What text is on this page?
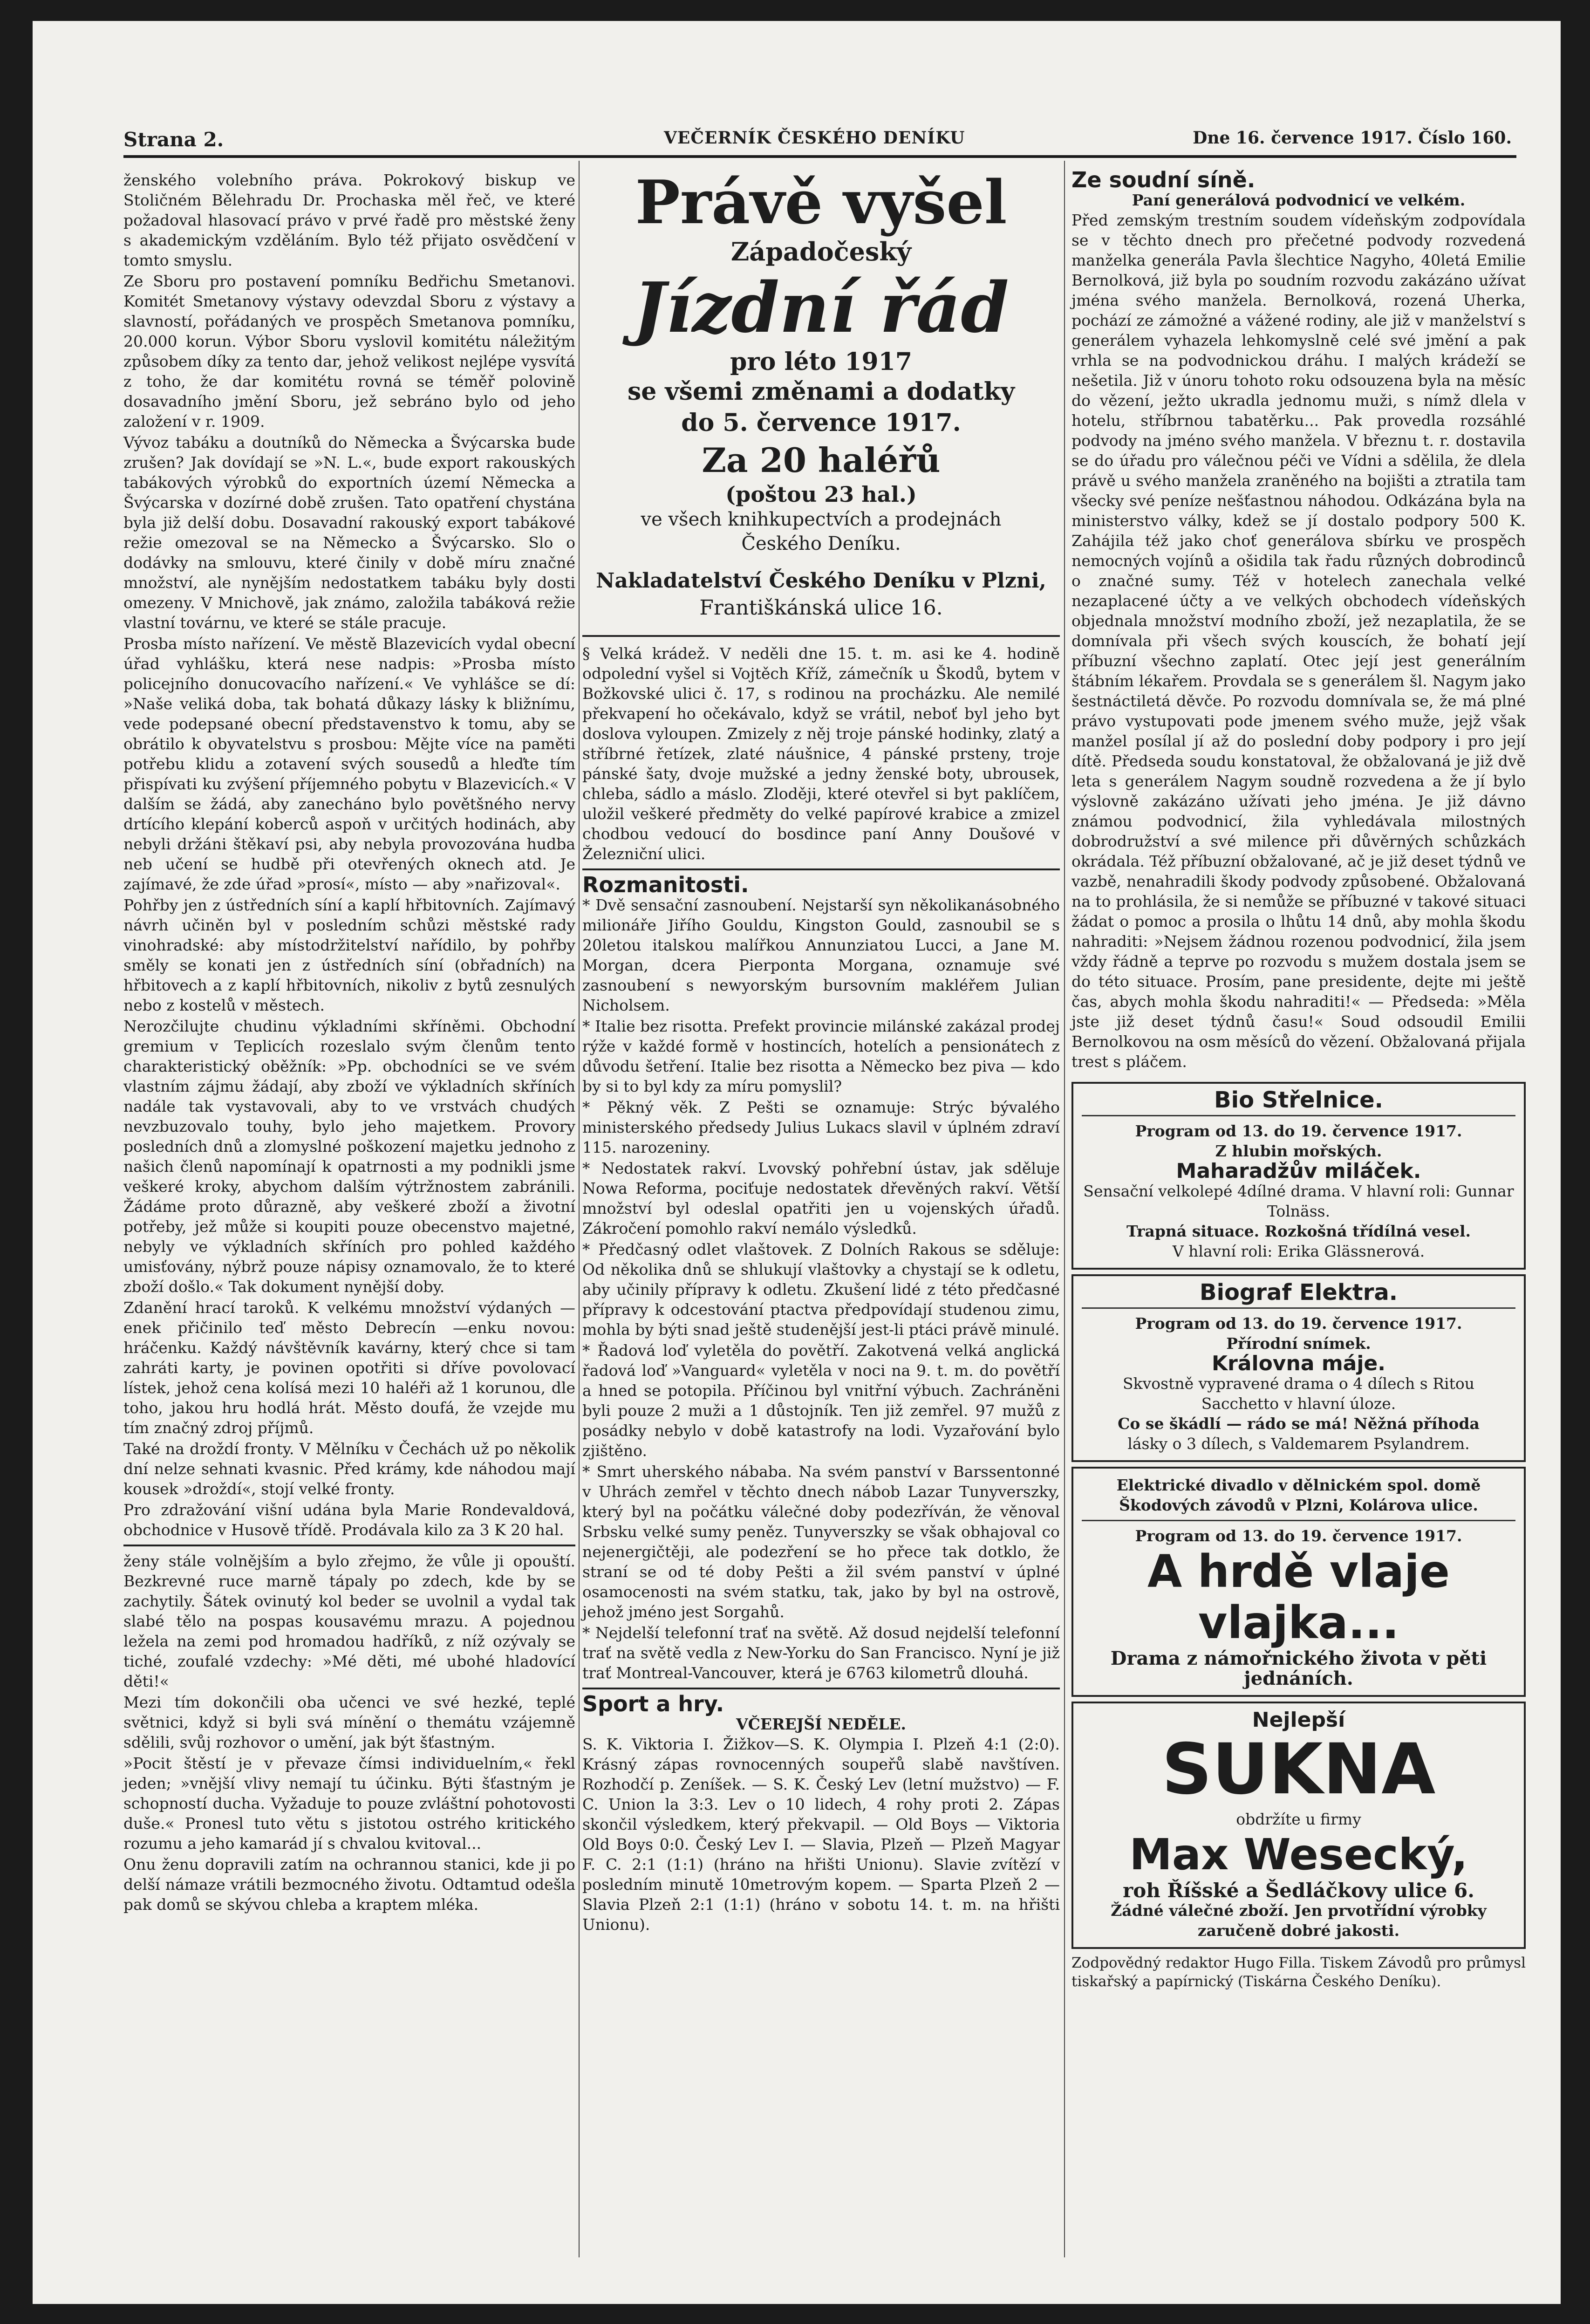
Strana 2.	VEČERNÍK ČESKÉHO DENÍKU	Dne 16. července 1917. Číslo 160.

ženského volebního práva. Pokrokový biskup ve Stoličném Bělehradu Dr. Prochaska měl řeč, ve které požadoval hlasovací právo v prvé řadě pro městské ženy s akademickým vzděláním. Bylo též přijato osvědčení v tomto smyslu.

Ze Sboru pro postavení pomníku Bedřichu Smetanovi. Komitét Smetanovy výstavy odevzdal Sboru z výstavy a slavností, pořádaných ve prospěch Smetanova pomníku, 20.000 korun. Výbor Sboru vyslovil komitétu náležitým způsobem díky za tento dar, jehož velikost nejlépe vysvítá z toho, že dar komitétu rovná se téměř polovině dosavadního jmění Sboru, jež sebráno bylo od jeho založení v r. 1909.

Vývoz tabáku a doutníků do Německa a Švýcarska bude zrušen? Jak dovídají se »N. L.«, bude export rakouských tabákových výrobků do exportních území Německa a Švýcarska v dozírné době zrušen. Tato opatření chystána byla již delší dobu. Dosavadní rakouský export tabákové režie omezoval se na Německo a Švýcarsko. Slo o dodávky na smlouvu, které činily v době míru značné množství, ale nynějším nedostatkem tabáku byly dosti omezeny. V Mnichově, jak známo, založila tabáková režie vlastní továrnu, ve které se stále pracuje.

Prosba místo nařízení. Ve městě Blazevicích vydal obecní úřad vyhlášku, která nese nadpis: »Prosba místo policejního donucovacího nařízení.« Ve vyhlášce se dí: »Naše veliká doba, tak bohatá důkazy lásky k bližnímu, vede podepsané obecní představenstvo k tomu, aby se obrátilo k obyvatelstvu s prosbou: Mějte více na paměti potřebu klidu a zotavení svých sousedů a hleďte tím přispívati ku zvýšení příjemného pobytu v Blazevicích.« V dalším se žádá, aby zanecháno bylo povětšného nervy drtícího klepání koberců aspoň v určitých hodinách, aby nebyli držáni štěkaví psi, aby nebyla provozována hudba neb učení se hudbě při otevřených oknech atd. Je zajímavé, že zde úřad »prosí«, místo — aby »nařizoval«.

Pohřby jen z ústředních síní a kaplí hřbitovních. Zajímavý návrh učiněn byl v posledním schůzi městské rady vinohradské: aby místodržitelství nařídilo, by pohřby směly se konati jen z ústředních síní (obřadních) na hřbitovech a z kaplí hřbitovních, nikoliv z bytů zesnulých nebo z kostelů v městech.

Nerozčilujte chudinu výkladními skříněmi. Obchodní gremium v Teplicích rozeslalo svým členům tento charakteristický oběžník: »Pp. obchodníci se ve svém vlastním zájmu žádají, aby zboží ve výkladních skříních nadále tak vystavovali, aby to ve vrstvách chudých nevzbuzovalo touhy, bylo jeho majetkem. Provory posledních dnů a zlomyslné poškození majetku jednoho z našich členů napomínají k opatrnosti a my podnikli jsme veškeré kroky, abychom dalším výtržnostem zabránili. Žádáme proto důrazně, aby veškeré zboží a životní potřeby, jež může si koupiti pouze obecenstvo majetné, nebyly ve výkladních skříních pro pohled každého umisťovány, nýbrž pouze nápisy oznamovalo, že to které zboží došlo.« Tak dokument nynější doby.

Zdanění hrací taroků. K velkému množství výdaných —enek přičinilo teď město Debrecín —enku novou: hráčenku. Každý návštěvník kavárny, který chce si tam zahráti karty, je povinen opotřiti si dříve povolovací lístek, jehož cena kolísá mezi 10 haléři až 1 korunou, dle toho, jakou hru hodlá hrát. Město doufá, že vzejde mu tím značný zdroj příjmů.

Také na droždí fronty. V Mělníku v Čechách už po několik dní nelze sehnati kvasnic. Před krámy, kde náhodou mají kousek »droždí«, stojí velké fronty.

Pro zdražování višní udána byla Marie Rondevaldová, obchodnice v Husově třídě. Prodávala kilo za 3 K 20 hal.

ženy stále volnějším a bylo zřejmo, že vůle ji opouští. Bezkrevné ruce marně tápaly po zdech, kde by se zachytily. Šátek ovinutý kol beder se uvolnil a vydal tak slabé tělo na pospas kousavému mrazu. A pojednou ležela na zemi pod hromadou hadříků, z níž ozývaly se tiché, zoufalé vzdechy: »Mé děti, mé ubohé hladovící děti!«

Mezi tím dokončili oba učenci ve své hezké, teplé světnici, když si byli svá mínění o themátu vzájemně sdělili, svůj rozhovor o umění, jak být šťastným.

»Pocit štěstí je v převaze čímsi individuelním,« řekl jeden; »vnější vlivy nemají tu účinku. Býti šťastným je schopností ducha. Vyžaduje to pouze zvláštní pohotovosti duše.« Pronesl tuto větu s jistotou ostrého kritického rozumu a jeho kamarád jí s chvalou kvitoval...

Onu ženu dopravili zatím na ochrannou stanici, kde ji po delší námaze vrátili bezmocného životu. Odtamtud odešla pak domů se skývou chleba a kraptem mléka.

Právě vyšel
Západočeský
Jízdní řád
pro léto 1917
se všemi změnami a dodatky
do 5. července 1917.
Za 20 haléřů
(poštou 23 hal.)
ve všech knihkupectvích a prodejnách
Českého Deníku.
Nakladatelství Českého Deníku v Plzni,
Františkánská ulice 16.

§ Velká krádež. V neděli dne 15. t. m. asi ke 4. hodině odpolední vyšel si Vojtěch Kříž, zámečník u Škodů, bytem v Božkovské ulici č. 17, s rodinou na procházku. Ale nemilé překvapení ho očekávalo, když se vrátil, neboť byl jeho byt doslova vyloupen. Zmizely z něj troje pánské hodinky, zlatý a stříbrné řetízek, zlaté náušnice, 4 pánské prsteny, troje pánské šaty, dvoje mužské a jedny ženské boty, ubrousek, chleba, sádlo a máslo. Zloději, které otevřel si byt paklíčem, uložil veškeré předměty do velké papírové krabice a zmizel chodbou vedoucí do bosdince paní Anny Doušové v Železniční ulici.

Rozmanitosti.

* Dvě sensační zasnoubení. Nejstarší syn několikanásobného milionáře Jiřího Gouldu, Kingston Gould, zasnoubil se s 20letou italskou malířkou Annunziatou Lucci, a Jane M. Morgan, dcera Pierponta Morgana, oznamuje své zasnoubení s newyorským bursovním makléřem Julian Nicholsem.

* Italie bez risotta. Prefekt provincie milánské zakázal prodej rýže v každé formě v hostincích, hotelích a pensionátech z důvodu šetření. Italie bez risotta a Německo bez piva — kdo by si to byl kdy za míru pomyslil?

* Pěkný věk. Z Pešti se oznamuje: Strýc bývalého ministerského předsedy Julius Lukacs slavil v úplném zdraví 115. narozeniny.

* Nedostatek rakví. Lvovský pohřební ústav, jak sděluje Nowa Reforma, pociťuje nedostatek dřevěných rakví. Větší množství byl odeslal opatřiti jen u vojenských úřadů. Zákročení pomohlo rakví nemálo výsledků.

* Předčasný odlet vlaštovek. Z Dolních Rakous se sděluje: Od několika dnů se shlukují vlaštovky a chystají se k odletu, aby učinily přípravy k odletu. Zkušení lidé z této předčasné přípravy k odcestování ptactva předpovídají studenou zimu, mohla by býti snad ještě studenější jest-li ptáci právě minulé.

* Řadová loď vyletěla do povětří. Zakotvená velká anglická řadová loď »Vanguard« vyletěla v noci na 9. t. m. do povětří a hned se potopila. Příčinou byl vnitřní výbuch. Zachráněni byli pouze 2 muži a 1 důstojník. Ten již zemřel. 97 mužů z posádky nebylo v době katastrofy na lodi. Vyzařování bylo zjištěno.

* Smrt uherského nábaba. Na svém panství v Barssentonné v Uhrách zemřel v těchto dnech nábob Lazar Tunyverszky, který byl na počátku válečné doby podezříván, že věnoval Srbsku velké sumy peněz. Tunyverszky se však obhajoval co nejenergičtěji, ale podezření se ho přece tak dotklo, že straní se od té doby Pešti a žil svém panství v úplné osamocenosti na svém statku, tak, jako by byl na ostrově, jehož jméno jest Sorgahů.

* Nejdelší telefonní trať na světě. Až dosud nejdelší telefonní trať na světě vedla z New-Yorku do San Francisco. Nyní je již trať Montreal-Vancouver, která je 6763 kilometrů dlouhá.

Sport a hry.
VČEREJŠÍ NEDĚLE.

S. K. Viktoria I. Žižkov—S. K. Olympia I. Plzeň 4:1 (2:0). Krásný zápas rovnocenných soupeřů slabě navštíven. Rozhodčí p. Zeníšek. — S. K. Český Lev (letní mužstvo) — F. C. Union la 3:3. Lev o 10 lidech, 4 rohy proti 2. Zápas skončil výsledkem, který překvapil. — Old Boys — Viktoria Old Boys 0:0. Český Lev I. — Slavia, Plzeň — Plzeň Magyar F. C. 2:1 (1:1) (hráno na hřišti Unionu). Slavie zvítězí v posledním minutě 10metrovým kopem. — Sparta Plzeň 2 — Slavia Plzeň 2:1 (1:1) (hráno v sobotu 14. t. m. na hřišti Unionu).

Ze soudní síně.
Paní generálová podvodnicí ve velkém.

Před zemským trestním soudem vídeňským zodpovídala se v těchto dnech pro přečetné podvody rozvedená manželka generála Pavla šlechtice Nagyho, 40letá Emilie Bernolková, již byla po soudním rozvodu zakázáno užívat jména svého manžela. Bernolková, rozená Uherka, pochází ze zámožné a vážené rodiny, ale již v manželství s generálem vyhazela lehkomyslně celé své jmění a pak vrhla se na podvodnickou dráhu. I malých krádeží se nešetila. Již v únoru tohoto roku odsouzena byla na měsíc do vězení, ježto ukradla jednomu muži, s nímž dlela v hotelu, stříbrnou tabatěrku... Pak provedla rozsáhlé podvody na jméno svého manžela. V březnu t. r. dostavila se do úřadu pro válečnou péči ve Vídni a sdělila, že dlela právě u svého manžela zraněného na bojišti a ztratila tam všecky své peníze nešťastnou náhodou. Odkázána byla na ministerstvo války, kdež se jí dostalo podpory 500 K. Zahájila též jako choť generálova sbírku ve prospěch nemocných vojínů a ošidila tak řadu různých dobrodinců o značné sumy. Též v hotelech zanechala velké nezaplacené účty a ve velkých obchodech vídeňských objednala množství modního zboží, jež nezaplatila, že se domnívala při všech svých kouscích, že bohatí její příbuzní všechno zaplatí. Otec její jest generálním štábním lékařem. Provdala se s generálem šl. Nagym jako šestnáctiletá děvče. Po rozvodu domnívala se, že má plné právo vystupovati pode jmenem svého muže, jejž však manžel posílal jí až do poslední doby podpory i pro její dítě. Předseda soudu konstatoval, že obžalovaná je již dvě leta s generálem Nagym soudně rozvedena a že jí bylo výslovně zakázáno užívati jeho jména. Je již dávno známou podvodnicí, žila vyhledávala milostných dobrodružství a své milence při důvěrných schůzkách okrádala. Též příbuzní obžalované, ač je již deset týdnů ve vazbě, nenahradili škody podvody způsobené. Obžalovaná na to prohlásila, že si nemůže se příbuzné v takové situaci žádat o pomoc a prosila o lhůtu 14 dnů, aby mohla škodu nahraditi: »Nejsem žádnou rozenou podvodnicí, žila jsem vždy řádně a teprve po rozvodu s mužem dostala jsem se do této situace. Prosím, pane presidente, dejte mi ještě čas, abych mohla škodu nahraditi!« — Předseda: »Měla jste již deset týdnů času!« Soud odsoudil Emilii Bernolkovou na osm měsíců do vězení. Obžalovaná přijala trest s pláčem.

Bio Střelnice.
Program od 13. do 19. července 1917.
Z hlubin mořských.
Maharadžův miláček.
Sensační velkolepé 4dílné drama. V hlavní roli: Gunnar Tolnäss.
Trapná situace. Rozkošná třídílná vesel.
V hlavní roli: Erika Glässnerová.
Biograf Elektra.
Program od 13. do 19. července 1917.
Přírodní snímek.
Královna máje.
Skvostně vypravené drama o 4 dílech s Ritou Sacchetto v hlavní úloze.
Co se škádlí — rádo se má! Něžná příhoda
lásky o 3 dílech, s Valdemarem Psylandrem.
Elektrické divadlo v dělnickém spol. domě Škodových závodů v Plzni, Kolárova ulice.
Program od 13. do 19. července 1917.
A hrdě vlaje vlajka...
Drama z námořnického života v pěti jednáních.
Nejlepší
SUKNA
obdržíte u firmy
Max Wesecký,
roh Říšské a Šedláčkovy ulice 6.
Žádné válečné zboží. Jen prvotřídní výrobky
zaručeně dobré jakosti.

Zodpovědný redaktor Hugo Filla. Tiskem Závodů pro průmysl tiskařský a papírnický (Tiskárna Českého Deníku).
